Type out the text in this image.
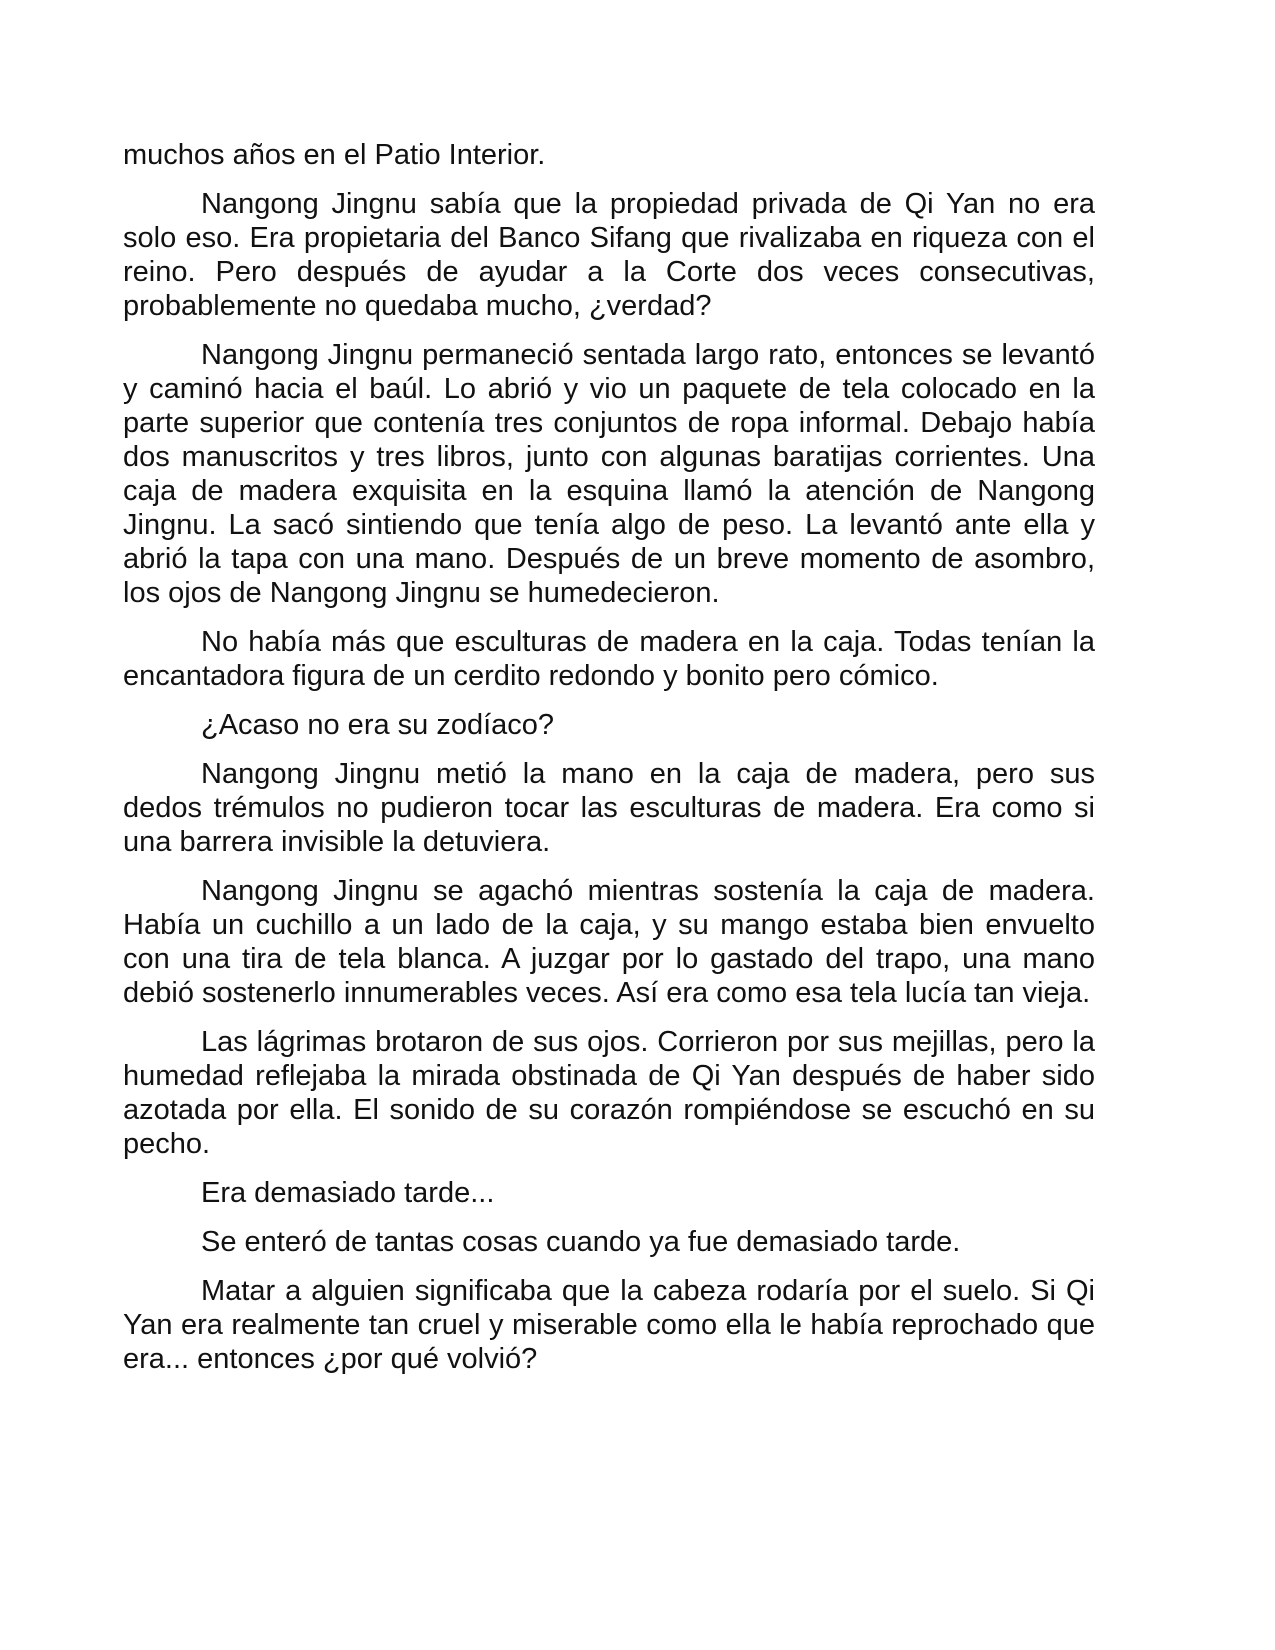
muchos años en el Patio Interior.

Nangong Jingnu sabía que la propiedad privada de Qi Yan no era solo eso. Era propietaria del Banco Sifang que rivalizaba en riqueza con el reino. Pero después de ayudar a la Corte dos veces consecutivas, probablemente no quedaba mucho, ¿verdad?

Nangong Jingnu permaneció sentada largo rato, entonces se levantó y caminó hacia el baúl. Lo abrió y vio un paquete de tela colocado en la parte superior que contenía tres conjuntos de ropa informal. Debajo había dos manuscritos y tres libros, junto con algunas baratijas corrientes. Una caja de madera exquisita en la esquina llamó la atención de Nangong Jingnu. La sacó sintiendo que tenía algo de peso. La levantó ante ella y abrió la tapa con una mano. Después de un breve momento de asombro, los ojos de Nangong Jingnu se humedecieron.

No había más que esculturas de madera en la caja. Todas tenían la encantadora figura de un cerdito redondo y bonito pero cómico.

¿Acaso no era su zodíaco?

Nangong Jingnu metió la mano en la caja de madera, pero sus dedos trémulos no pudieron tocar las esculturas de madera. Era como si una barrera invisible la detuviera.

Nangong Jingnu se agachó mientras sostenía la caja de madera. Había un cuchillo a un lado de la caja, y su mango estaba bien envuelto con una tira de tela blanca. A juzgar por lo gastado del trapo, una mano debió sostenerlo innumerables veces. Así era como esa tela lucía tan vieja.

Las lágrimas brotaron de sus ojos. Corrieron por sus mejillas, pero la humedad reflejaba la mirada obstinada de Qi Yan después de haber sido azotada por ella. El sonido de su corazón rompiéndose se escuchó en su pecho.

Era demasiado tarde...

Se enteró de tantas cosas cuando ya fue demasiado tarde.

Matar a alguien significaba que la cabeza rodaría por el suelo. Si Qi Yan era realmente tan cruel y miserable como ella le había reprochado que era... entonces ¿por qué volvió?
